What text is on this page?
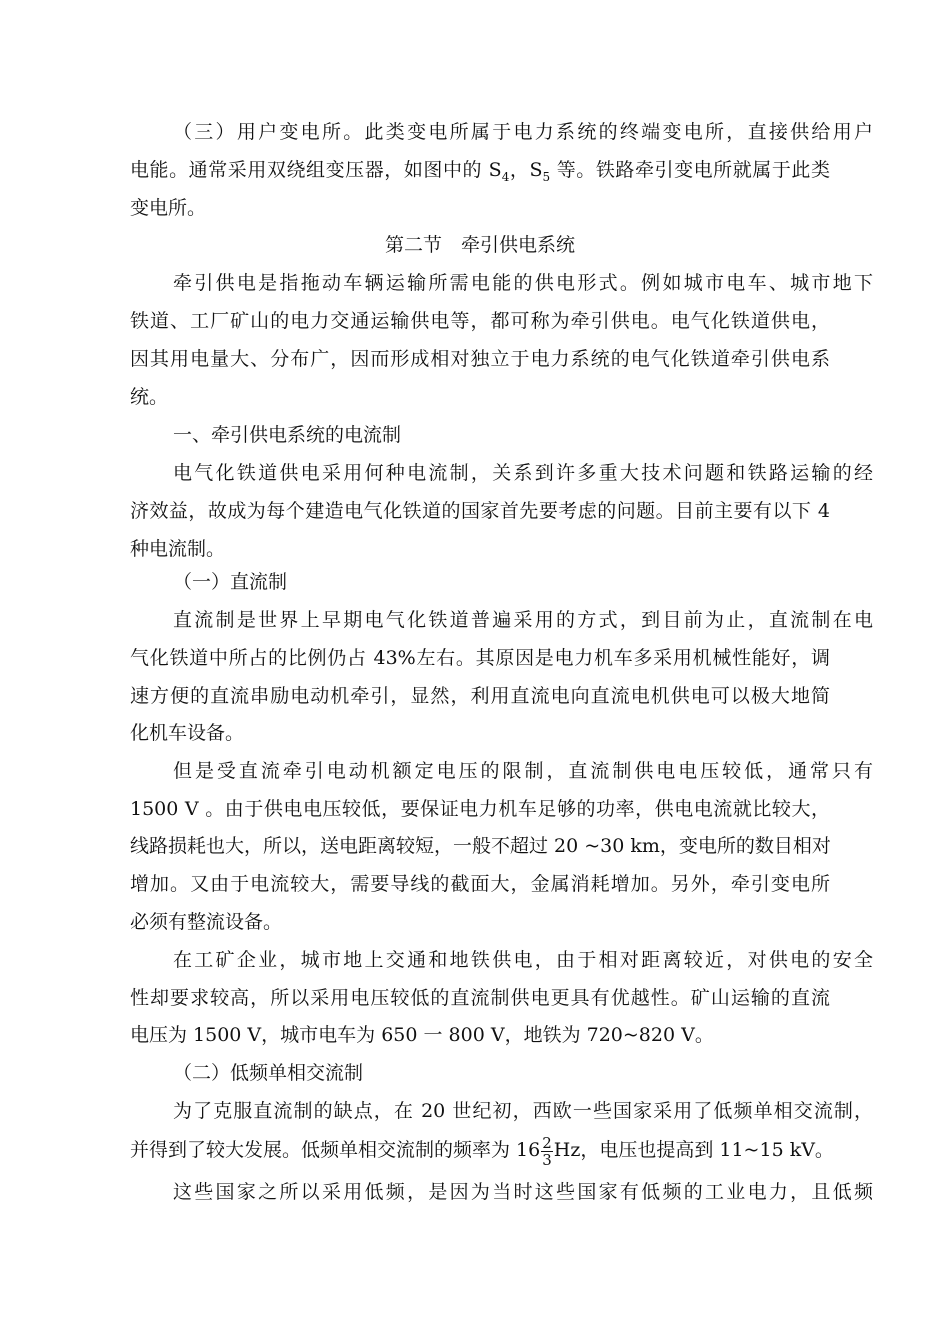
（三）用户变电所。此类变电所属于电力系统的终端变电所，直接供给用户
电能。通常采用双绕组变压器，如图中的 $S_4$，$S_5$ 等。铁路牵引变电所就属于此类
变电所。
第二节　牵引供电系统
牵引供电是指拖动车辆运输所需电能的供电形式。例如城市电车、城市地下
铁道、工厂矿山的电力交通运输供电等，都可称为牵引供电。电气化铁道供电，
因其用电量大、分布广，因而形成相对独立于电力系统的电气化铁道牵引供电系
统。
一、牵引供电系统的电流制
电气化铁道供电采用何种电流制，关系到许多重大技术问题和铁路运输的经
济效益，故成为每个建造电气化铁道的国家首先要考虑的问题。目前主要有以下 4
种电流制。
（一）直流制
直流制是世界上早期电气化铁道普遍采用的方式，到目前为止，直流制在电
气化铁道中所占的比例仍占 43%左右。其原因是电力机车多采用机械性能好，调
速方便的直流串励电动机牵引，显然，利用直流电向直流电机供电可以极大地简
化机车设备。
但是受直流牵引电动机额定电压的限制，直流制供电电压较低，通常只有
1500 V 。由于供电电压较低，要保证电力机车足够的功率，供电电流就比较大，
线路损耗也大，所以，送电距离较短，一般不超过 20 ~30 km，变电所的数目相对
增加。又由于电流较大，需要导线的截面大，金属消耗增加。另外，牵引变电所
必须有整流设备。
在工矿企业，城市地上交通和地铁供电，由于相对距离较近，对供电的安全
性却要求较高，所以采用电压较低的直流制供电更具有优越性。矿山运输的直流
电压为 1500 V，城市电车为 650 一 800 V，地铁为 720~820 V。
（二）低频单相交流制
为了克服直流制的缺点，在 20 世纪初，西欧一些国家采用了低频单相交流制，
并得到了较大发展。低频单相交流制的频率为 $16 \frac{2}{3}$ Hz，电压也提高到 11~15 kV。
这些国家之所以采用低频，是因为当时这些国家有低频的工业电力，且低频
